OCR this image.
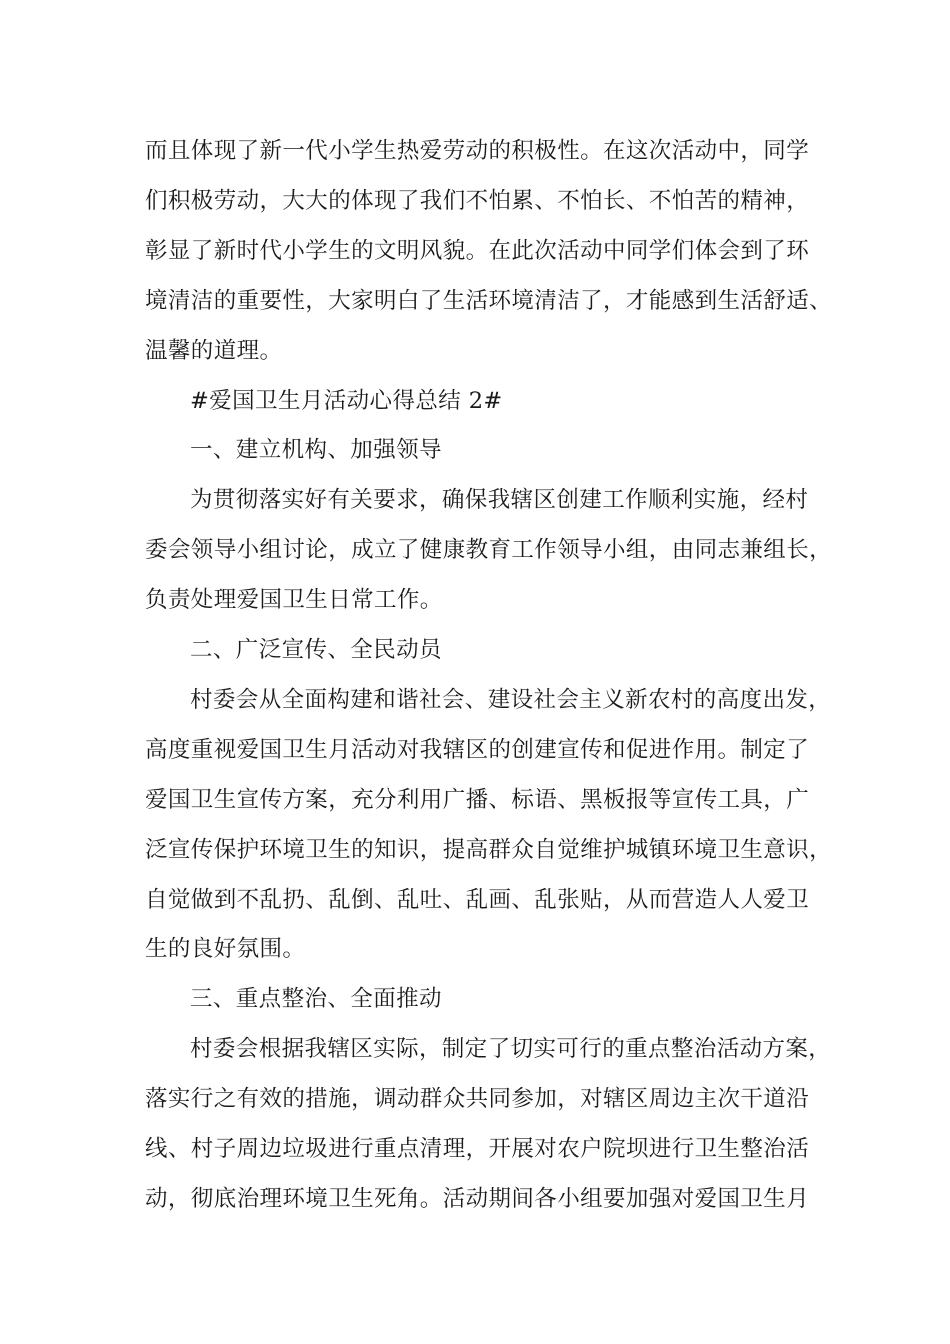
而且体现了新一代小学生热爱劳动的积极性。在这次活动中，同学
们积极劳动，大大的体现了我们不怕累、不怕长、不怕苦的精神，
彰显了新时代小学生的文明风貌。在此次活动中同学们体会到了环
境清洁的重要性，大家明白了生活环境清洁了，才能感到生活舒适、
温馨的道理。
#爱国卫生月活动心得总结 2#
一、建立机构、加强领导
为贯彻落实好有关要求，确保我辖区创建工作顺利实施，经村
委会领导小组讨论，成立了健康教育工作领导小组，由同志兼组长，
负责处理爱国卫生日常工作。
二、广泛宣传、全民动员
村委会从全面构建和谐社会、建设社会主义新农村的高度出发，
高度重视爱国卫生月活动对我辖区的创建宣传和促进作用。制定了
爱国卫生宣传方案，充分利用广播、标语、黑板报等宣传工具，广
泛宣传保护环境卫生的知识，提高群众自觉维护城镇环境卫生意识，
自觉做到不乱扔、乱倒、乱吐、乱画、乱张贴，从而营造人人爱卫
生的良好氛围。
三、重点整治、全面推动
村委会根据我辖区实际，制定了切实可行的重点整治活动方案，
落实行之有效的措施，调动群众共同参加，对辖区周边主次干道沿
线、村子周边垃圾进行重点清理，开展对农户院坝进行卫生整治活
动，彻底治理环境卫生死角。活动期间各小组要加强对爱国卫生月
